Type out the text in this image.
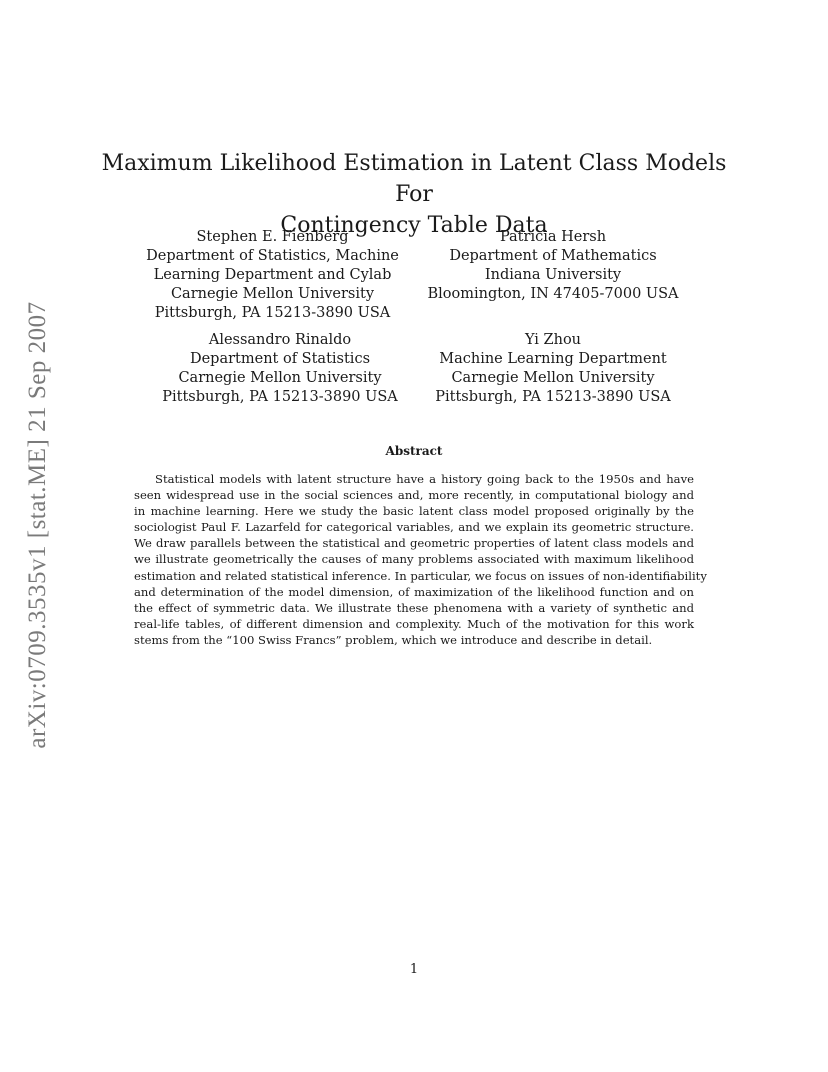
arXiv:0709.3535v1 [stat.ME] 21 Sep 2007
Maximum Likelihood Estimation in Latent Class Models For
Contingency Table Data
Stephen E. Fienberg
Department of Statistics, Machine
Learning Department and Cylab
Carnegie Mellon University
Pittsburgh, PA 15213-3890 USA
Patricia Hersh
Department of Mathematics
Indiana University
Bloomington, IN 47405-7000 USA
Alessandro Rinaldo
Department of Statistics
Carnegie Mellon University
Pittsburgh, PA 15213-3890 USA
Yi Zhou
Machine Learning Department
Carnegie Mellon University
Pittsburgh, PA 15213-3890 USA
Abstract
Statistical models with latent structure have a history going back to the 1950s and have
seen widespread use in the social sciences and, more recently, in computational biology and
in machine learning. Here we study the basic latent class model proposed originally by the
sociologist Paul F. Lazarfeld for categorical variables, and we explain its geometric structure.
We draw parallels between the statistical and geometric properties of latent class models and
we illustrate geometrically the causes of many problems associated with maximum likelihood
estimation and related statistical inference. In particular, we focus on issues of non-identifiability
and determination of the model dimension, of maximization of the likelihood function and on
the effect of symmetric data. We illustrate these phenomena with a variety of synthetic and
real-life tables, of different dimension and complexity. Much of the motivation for this work
stems from the “100 Swiss Francs” problem, which we introduce and describe in detail.
1
